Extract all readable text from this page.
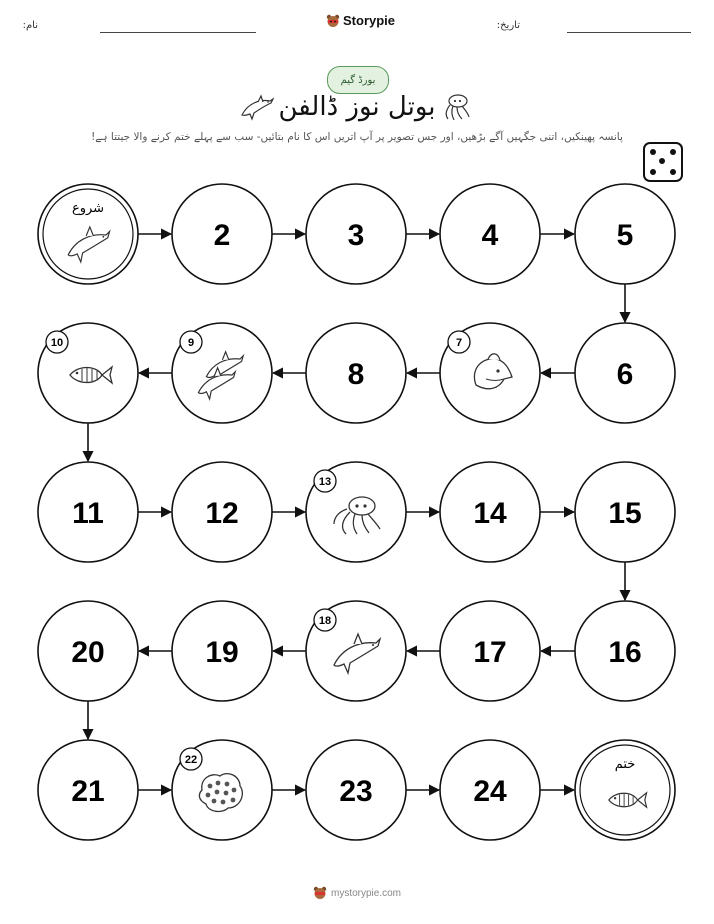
نام:	Storypie	تاریخ:
بورڈ گیم
بوتل نوز ڈالفن
پانسہ پھینکیں، اتنی جگہیں آگے بڑھیں، اور جس تصویر پر آپ اتریں اس کا نام بتائیں- سب سے پہلے ختم کرنے والا جیتتا ہے!
شروع
2	3	4	5
6
7
8
9
10
11	12
13
14	15
16
17
18
19
20
21
22
23	24
ختم
mystorypie.com
